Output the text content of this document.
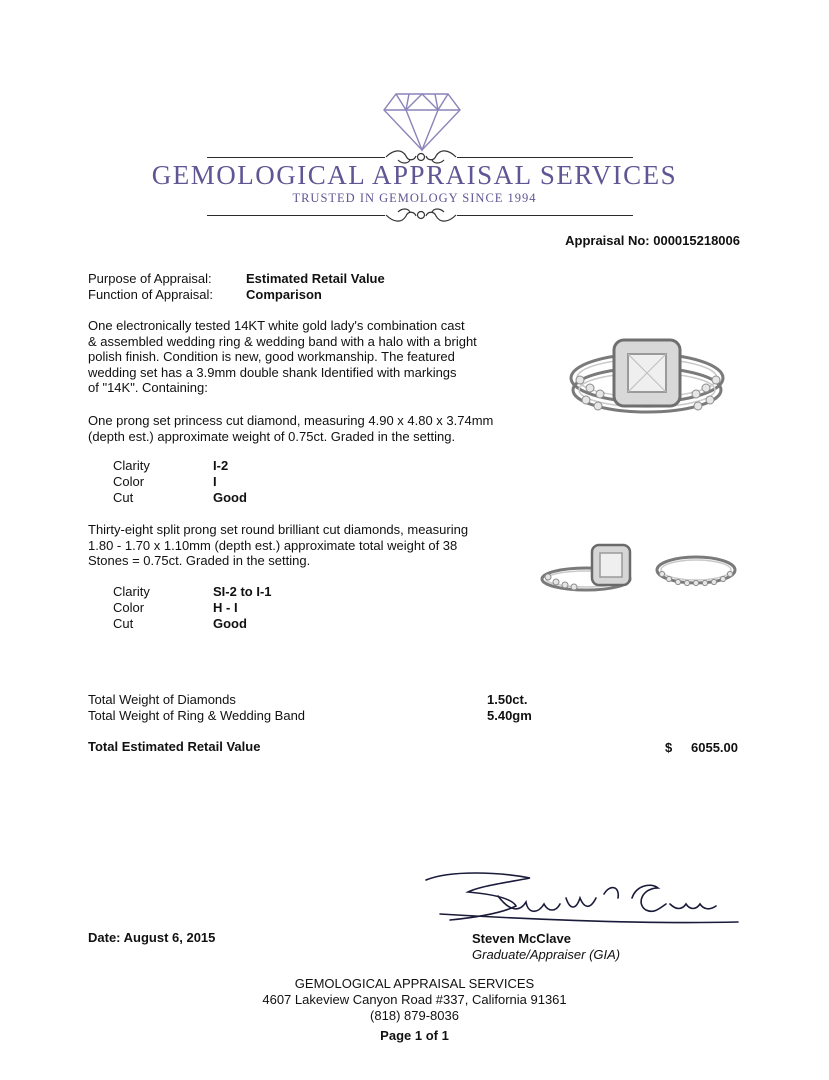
GEMOLOGICAL APPRAISAL SERVICES
TRUSTED IN GEMOLOGY SINCE 1994
Appraisal No: 000015218006
Purpose of Appraisal:	Estimated Retail Value
Function of Appraisal:	Comparison
One electronically tested 14KT white gold lady's combination cast
& assembled wedding ring & wedding band with a halo with a bright
polish finish. Condition is new, good workmanship. The featured
wedding set has a 3.9mm double shank Identified with markings
of "14K". Containing:
One prong set princess cut diamond, measuring 4.90 x 4.80 x 3.74mm
(depth est.) approximate weight of 0.75ct. Graded in the setting.
Clarity	I-2
Color	I
Cut	Good
Thirty-eight split prong set round brilliant cut diamonds, measuring
1.80 - 1.70 x 1.10mm (depth est.) approximate total weight of 38
Stones = 0.75ct. Graded in the setting.
Clarity	SI-2 to I-1
Color	H - I
Cut	Good
Total Weight of Diamonds	1.50ct.
Total Weight of Ring & Wedding Band	5.40gm
Total Estimated Retail Value	$ 6055.00
Date: August 6, 2015	Steven McClave
Graduate/Appraiser (GIA)
GEMOLOGICAL APPRAISAL SERVICES
4607 Lakeview Canyon Road #337, California 91361
(818) 879-8036
Page 1 of 1
